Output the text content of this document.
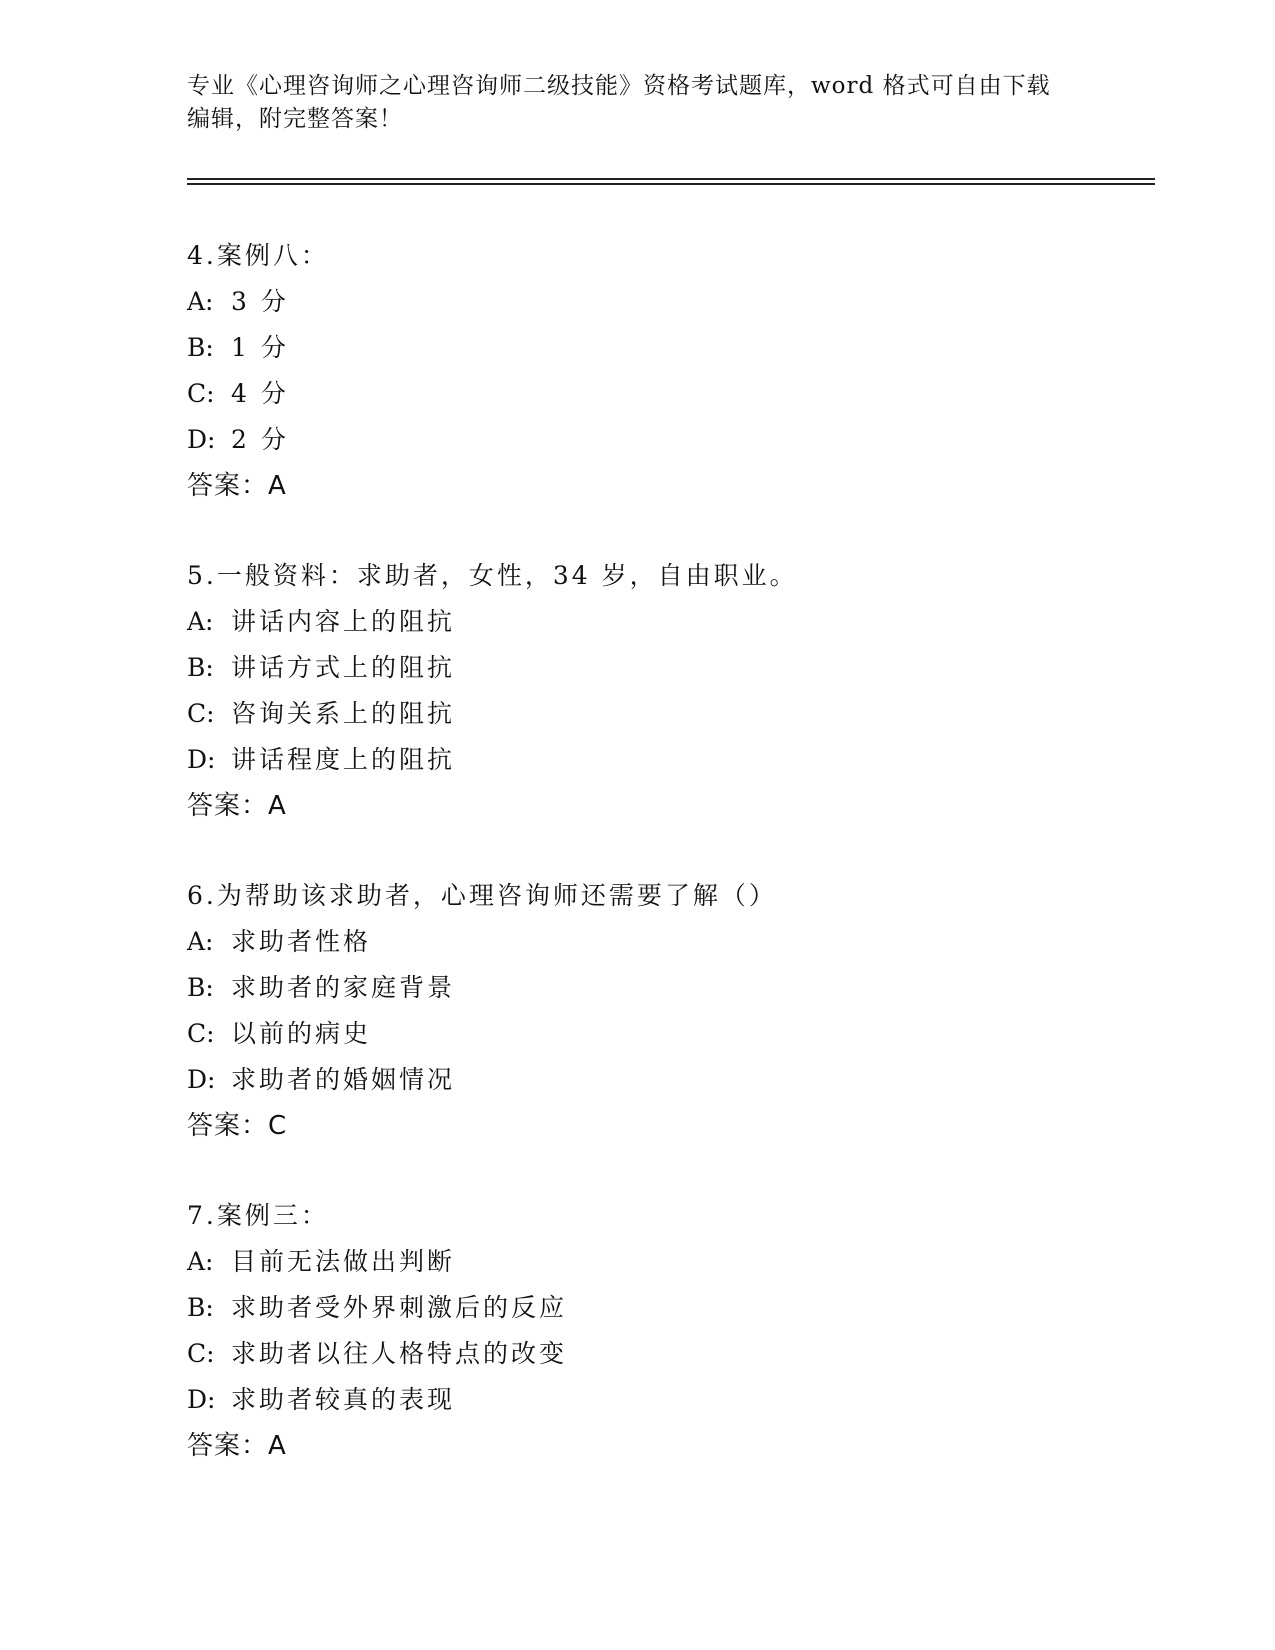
专业《心理咨询师之心理咨询师二级技能》资格考试题库，word 格式可自由下载
编辑，附完整答案！
4.案例八：
A: 3 分
B: 1 分
C: 4 分
D: 2 分
答案：A
5.一般资料：求助者，女性，34 岁，自由职业。
A: 讲话内容上的阻抗
B: 讲话方式上的阻抗
C: 咨询关系上的阻抗
D: 讲话程度上的阻抗
答案：A
6.为帮助该求助者，心理咨询师还需要了解（）
A: 求助者性格
B: 求助者的家庭背景
C: 以前的病史
D: 求助者的婚姻情况
答案：C
7.案例三：
A: 目前无法做出判断
B: 求助者受外界刺激后的反应
C: 求助者以往人格特点的改变
D: 求助者较真的表现
答案：A
